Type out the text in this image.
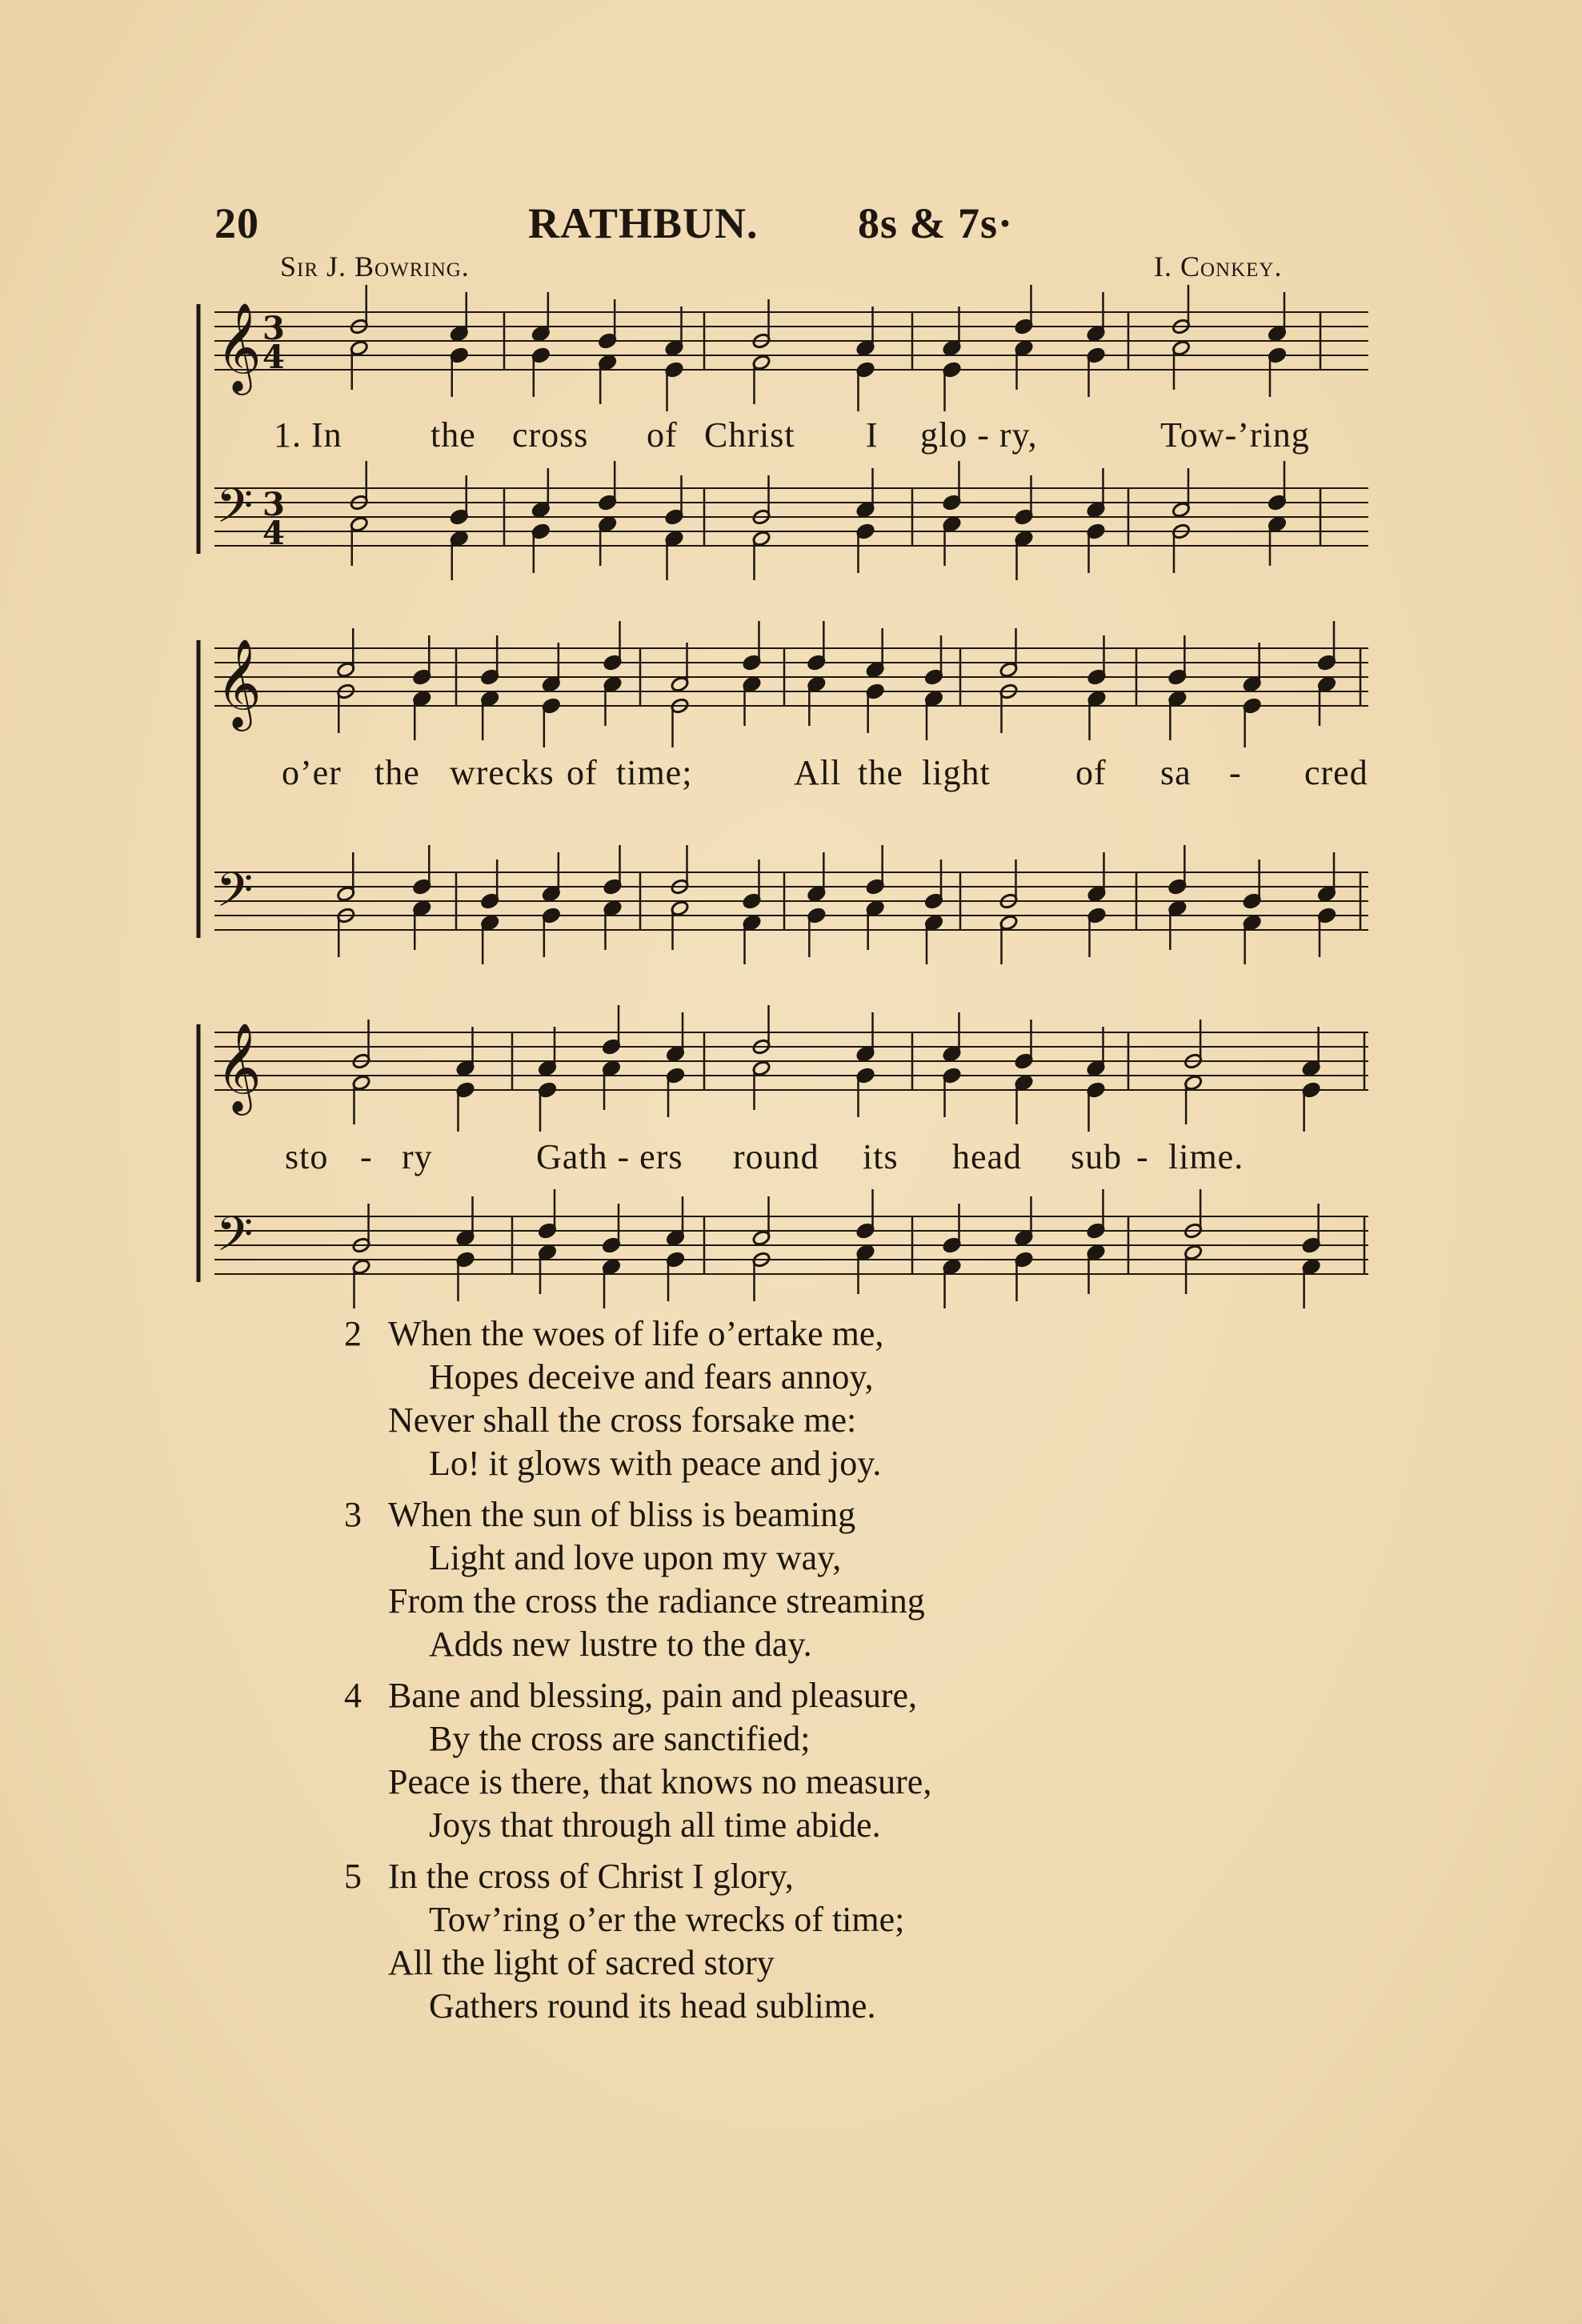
20	RATHBUN. 8s & 7s·
Sir J. Bowring.	I. Conkey.
𝄞
𝄢
3
4
3
4
1. In	the cross of Christ I glo - ry,	Tow-’ring
𝄞
𝄢
o’er the wrecks of time;	All the light of sa - cred
𝄞
𝄢
sto - ry	Gath - ers round its head sub - lime.
2 When the woes of life o’ertake me,
Hopes deceive and fears annoy,
Never shall the cross forsake me:
Lo! it glows with peace and joy.
3 When the sun of bliss is beaming
Light and love upon my way,
From the cross the radiance streaming
Adds new lustre to the day.
4 Bane and blessing, pain and pleasure,
By the cross are sanctified;
Peace is there, that knows no measure,
Joys that through all time abide.
5 In the cross of Christ I glory,
Tow’ring o’er the wrecks of time;
All the light of sacred story
Gathers round its head sublime.
